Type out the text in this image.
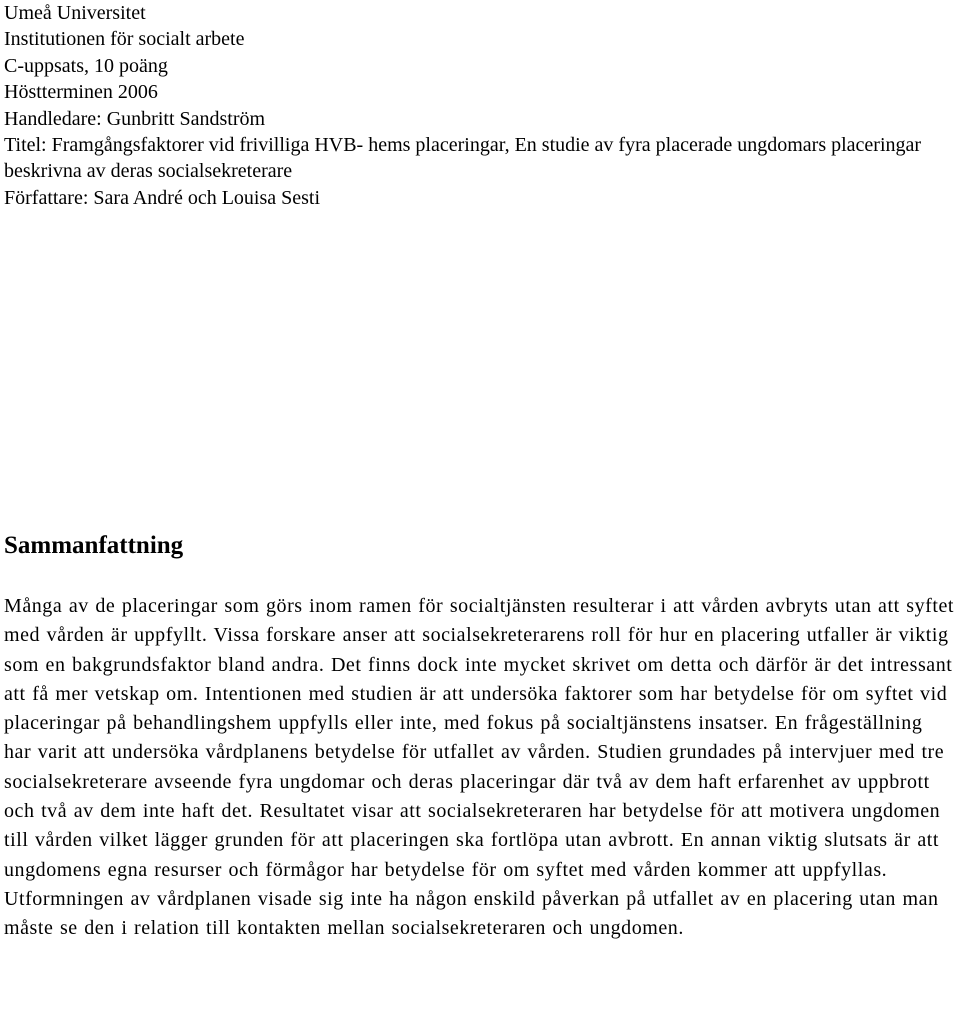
Umeå Universitet
Institutionen för socialt arbete
C-uppsats, 10 poäng
Höstterminen 2006
Handledare: Gunbritt Sandström
Titel: Framgångsfaktorer vid frivilliga HVB- hems placeringar, En studie av fyra placerade ungdomars placeringar beskrivna av deras socialsekreterare
Författare: Sara André och Louisa Sesti
Sammanfattning

Många av de placeringar som görs inom ramen för socialtjänsten resulterar i att vården avbryts utan att syftet med vården är uppfyllt. Vissa forskare anser att socialsekreterarens roll för hur en placering utfaller är viktig som en bakgrundsfaktor bland andra. Det finns dock inte mycket skrivet om detta och därför är det intressant att få mer vetskap om. Intentionen med studien är att undersöka faktorer som har betydelse för om syftet vid placeringar på behandlingshem uppfylls eller inte, med fokus på socialtjänstens insatser. En frågeställning har varit att undersöka vårdplanens betydelse för utfallet av vården. Studien grundades på intervjuer med tre socialsekreterare avseende fyra ungdomar och deras placeringar där två av dem haft erfarenhet av uppbrott och två av dem inte haft det. Resultatet visar att socialsekreteraren har betydelse för att motivera ungdomen till vården vilket lägger grunden för att placeringen ska fortlöpa utan avbrott. En annan viktig slutsats är att ungdomens egna resurser och förmågor har betydelse för om syftet med vården kommer att uppfyllas. Utformningen av vårdplanen visade sig inte ha någon enskild påverkan på utfallet av en placering utan man måste se den i relation till kontakten mellan socialsekreteraren och ungdomen.
